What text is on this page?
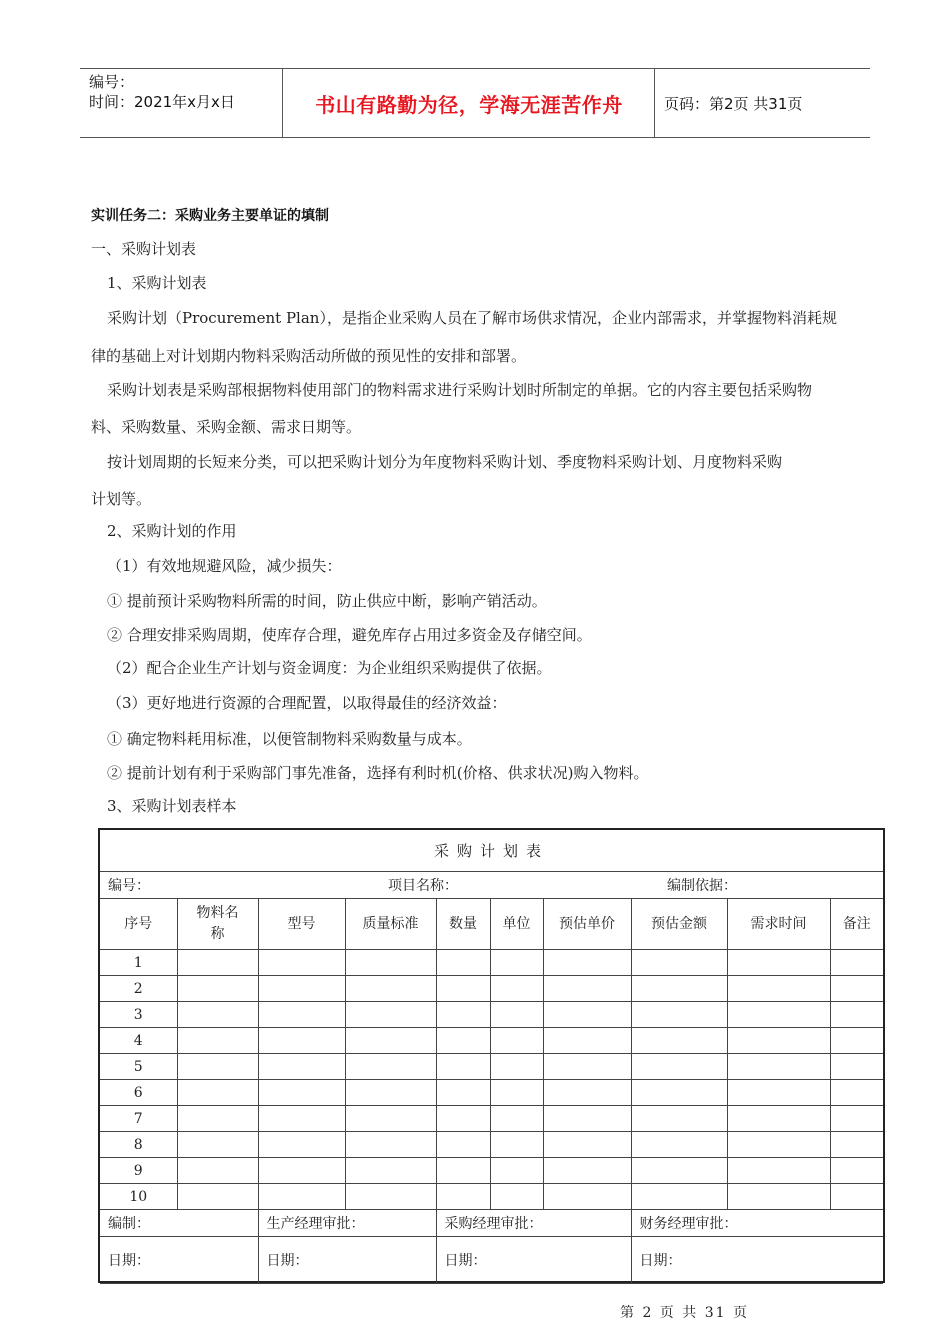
编号：
时间：2021年x月x日	书山有路勤为径，学海无涯苦作舟	页码：第2页 共31页
实训任务二：采购业务主要单证的填制
一、采购计划表
1、采购计划表
采购计划（Procurement Plan），是指企业采购人员在了解市场供求情况，企业内部需求，并掌握物料消耗规
律的基础上对计划期内物料采购活动所做的预见性的安排和部署。
采购计划表是采购部根据物料使用部门的物料需求进行采购计划时所制定的单据。它的内容主要包括采购物
料、采购数量、采购金额、需求日期等。
按计划周期的长短来分类，可以把采购计划分为年度物料采购计划、季度物料采购计划、月度物料采购
计划等。
2、采购计划的作用
（1）有效地规避风险，减少损失：
① 提前预计采购物料所需的时间，防止供应中断，影响产销活动。
② 合理安排采购周期，使库存合理，避免库存占用过多资金及存储空间。
（2）配合企业生产计划与资金调度：为企业组织采购提供了依据。
（3）更好地进行资源的合理配置，以取得最佳的经济效益：
① 确定物料耗用标准，以便管制物料采购数量与成本。
② 提前计划有利于采购部门事先准备，选择有利时机(价格、供求状况)购入物料。
3、采购计划表样本
采购计划表									
编号：			项目名称：				编制依据：		
序号	物料名称	型号	质量标准	数量	单位	预估单价	预估金额	需求时间	备注
1									
2									
3									
4									
5									
6									
7									
8									
9									
10									
编制：		生产经理审批：		采购经理审批：			财务经理审批：		
日期：		日期：		日期：			日期：		
第 2 页 共 31 页
